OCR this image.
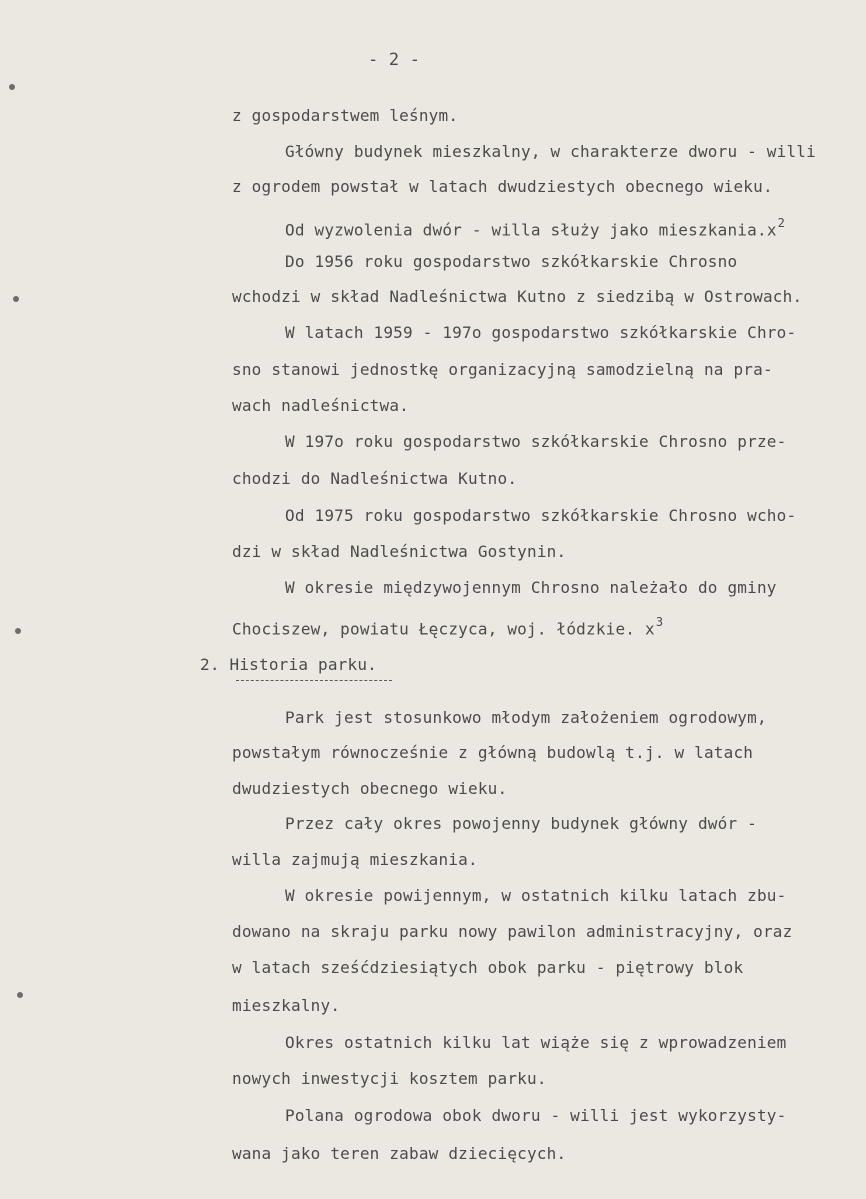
- 2 -
z gospodarstwem leśnym.
Główny budynek mieszkalny, w charakterze dworu - willi
z ogrodem powstał w latach dwudziestych obecnego wieku.
Od wyzwolenia dwór - willa służy jako mieszkania.x$^2$
Do 1956 roku gospodarstwo szkółkarskie Chrosno
wchodzi w skład Nadleśnictwa Kutno z siedzibą w Ostrowach.
W latach 1959 - 197o gospodarstwo szkółkarskie Chro-
sno stanowi jednostkę organizacyjną samodzielną na pra-
wach nadleśnictwa.
W 197o roku gospodarstwo szkółkarskie Chrosno prze-
chodzi do Nadleśnictwa Kutno.
Od 1975 roku gospodarstwo szkółkarskie Chrosno wcho-
dzi w skład Nadleśnictwa Gostynin.
W okresie międzywojennym Chrosno należało do gminy
Chociszew, powiatu Łęczyca, woj. łódzkie. x$^3$
2. Historia parku.
Park jest stosunkowo młodym założeniem ogrodowym,
powstałym równocześnie z główną budowlą t.j. w latach
dwudziestych obecnego wieku.
Przez cały okres powojenny budynek główny dwór -
willa zajmują mieszkania.
W okresie powijennym, w ostatnich kilku latach zbu-
dowano na skraju parku nowy pawilon administracyjny, oraz
w latach sześćdziesiątych obok parku - piętrowy blok
mieszkalny.
Okres ostatnich kilku lat wiąże się z wprowadzeniem
nowych inwestycji kosztem parku.
Polana ogrodowa obok dworu - willi jest wykorzysty-
wana jako teren zabaw dziecięcych.
